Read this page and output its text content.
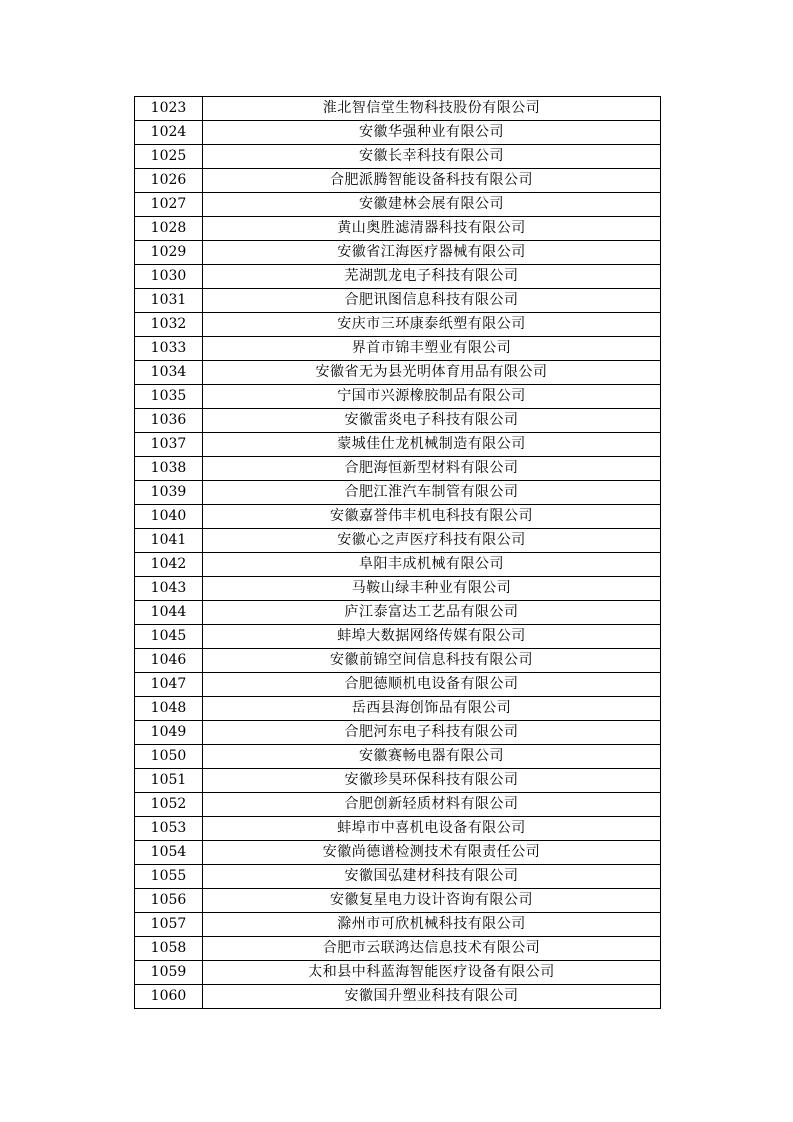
1023	淮北智信堂生物科技股份有限公司
1024	安徽华强种业有限公司
1025	安徽长幸科技有限公司
1026	合肥派腾智能设备科技有限公司
1027	安徽建林会展有限公司
1028	黄山奥胜滤清器科技有限公司
1029	安徽省江海医疗器械有限公司
1030	芜湖凯龙电子科技有限公司
1031	合肥讯图信息科技有限公司
1032	安庆市三环康泰纸塑有限公司
1033	界首市锦丰塑业有限公司
1034	安徽省无为县光明体育用品有限公司
1035	宁国市兴源橡胶制品有限公司
1036	安徽雷炎电子科技有限公司
1037	蒙城佳仕龙机械制造有限公司
1038	合肥海恒新型材料有限公司
1039	合肥江淮汽车制管有限公司
1040	安徽嘉誉伟丰机电科技有限公司
1041	安徽心之声医疗科技有限公司
1042	阜阳丰成机械有限公司
1043	马鞍山绿丰种业有限公司
1044	庐江泰富达工艺品有限公司
1045	蚌埠大数据网络传媒有限公司
1046	安徽前锦空间信息科技有限公司
1047	合肥德顺机电设备有限公司
1048	岳西县海创饰品有限公司
1049	合肥河东电子科技有限公司
1050	安徽赛畅电器有限公司
1051	安徽珍昊环保科技有限公司
1052	合肥创新轻质材料有限公司
1053	蚌埠市中喜机电设备有限公司
1054	安徽尚德谱检测技术有限责任公司
1055	安徽国弘建材科技有限公司
1056	安徽复星电力设计咨询有限公司
1057	滁州市可欣机械科技有限公司
1058	合肥市云联鸿达信息技术有限公司
1059	太和县中科蓝海智能医疗设备有限公司
1060	安徽国升塑业科技有限公司
